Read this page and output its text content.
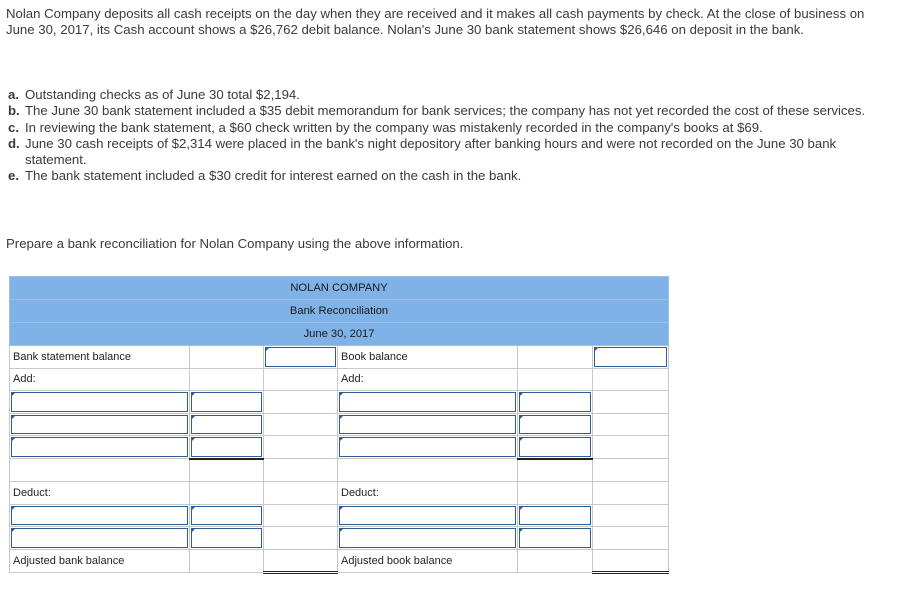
Nolan Company deposits all cash receipts on the day when they are received and it makes all cash payments by check. At the close of business on June 30, 2017, its Cash account shows a $26,762 debit balance. Nolan's June 30 bank statement shows $26,646 on deposit in the bank.

a. Outstanding checks as of June 30 total $2,194.
b. The June 30 bank statement included a $35 debit memorandum for bank services; the company has not yet recorded the cost of these services.
c. In reviewing the bank statement, a $60 check written by the company was mistakenly recorded in the company's books at $69.
d. June 30 cash receipts of $2,314 were placed in the bank's night depository after banking hours and were not recorded on the June 30 bank statement.
e. The bank statement included a $30 credit for interest earned on the cash in the bank.
Prepare a bank reconciliation for Nolan Company using the above information.
NOLAN COMPANY					
Bank Reconciliation					
June 30, 2017					
Bank statement balance			Book balance		

Add:			Add:		

Deduct:			Deduct:		

Adjusted bank balance			Adjusted book balance		
